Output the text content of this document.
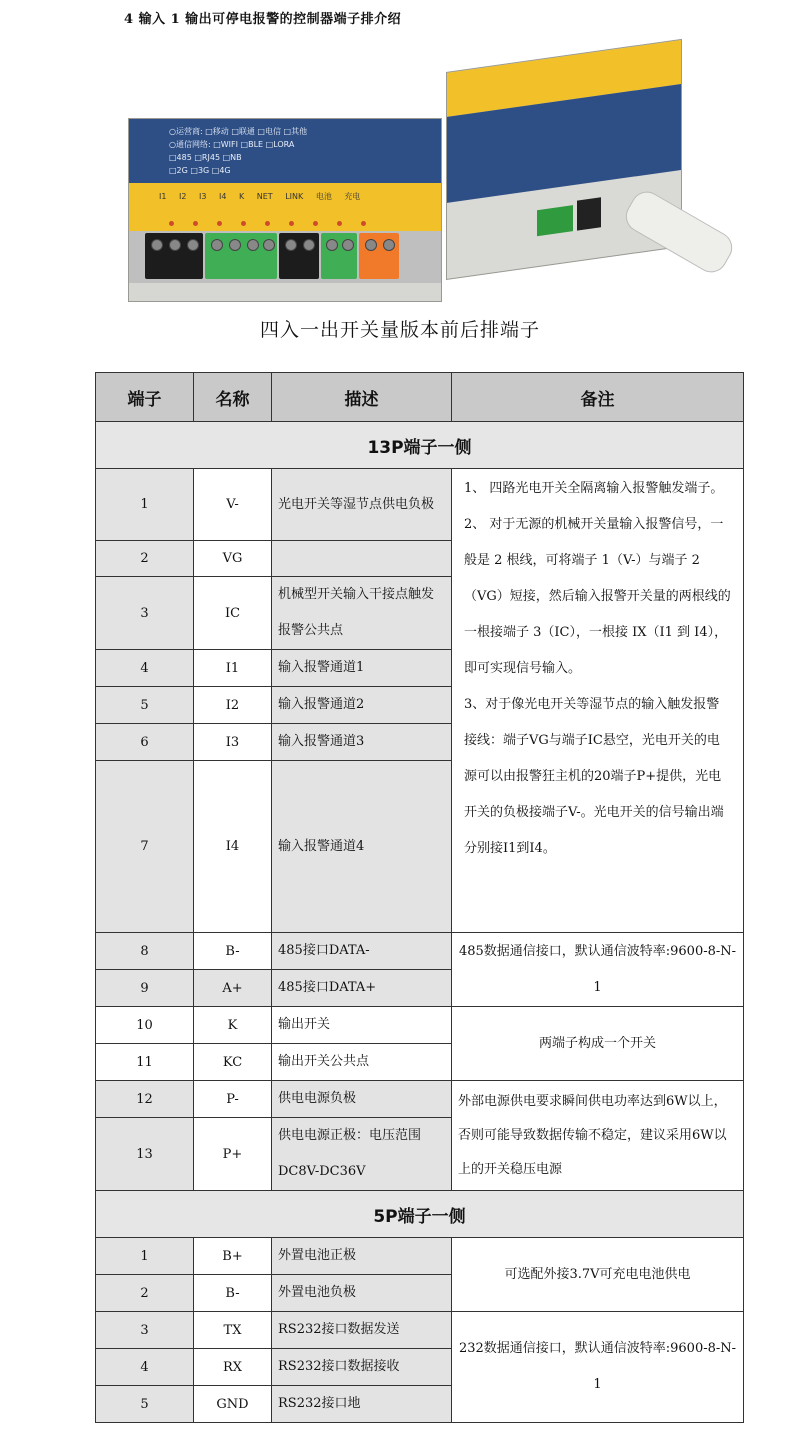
4 输入 1 输出可停电报警的控制器端子排介绍
○运营商: □移动 □联通 □电信 □其他
○通信网络: □WIFI □BLE □LORA
□485 □RJ45 □NB
□2G □3G □4G
I1 I2 I3 I4 K NET LINK 电池 充电
四入一出开关量版本前后排端子
端子	名称	描述	备注
13P端子一侧			
1	V-	光电开关等湿节点供电负极	1、 四路光电开关全隔离输入报警触发端子。
2、 对于无源的机械开关量输入报警信号，一般是 2 根线，可将端子 1（V-）与端子 2（VG）短接，然后输入报警开关量的两根线的一根接端子 3（IC），一根接 IX（I1 到 I4），即可实现信号输入。
3、对于像光电开关等湿节点的输入触发报警接线：端子VG与端子IC悬空，光电开关的电源可以由报警狂主机的20端子P+提供，光电开关的负极接端子V-。光电开关的信号输出端分别接I1到I4。

2	VG		
3	IC	机械型开关输入干接点触发报警公共点	
4	I1	输入报警通道1	
5	I2	输入报警通道2	
6	I3	输入报警通道3	
7	I4	输入报警通道4	
8	B-	485接口DATA-	485数据通信接口，默认通信波特率:9600-8-N-1
9	A+	485接口DATA+	
10	K	输出开关	两端子构成一个开关
11	KC	输出开关公共点	
12	P-	供电电源负极	外部电源供电要求瞬间供电功率达到6W以上，否则可能导致数据传输不稳定，建议采用6W以上的开关稳压电源
13	P+	供电电源正极：电压范围DC8V-DC36V	
5P端子一侧			
1	B+	外置电池正极	可选配外接3.7V可充电电池供电
2	B-	外置电池负极	
3	TX	RS232接口数据发送	232数据通信接口，默认通信波特率:9600-8-N-1
4	RX	RS232接口数据接收	
5	GND	RS232接口地	
